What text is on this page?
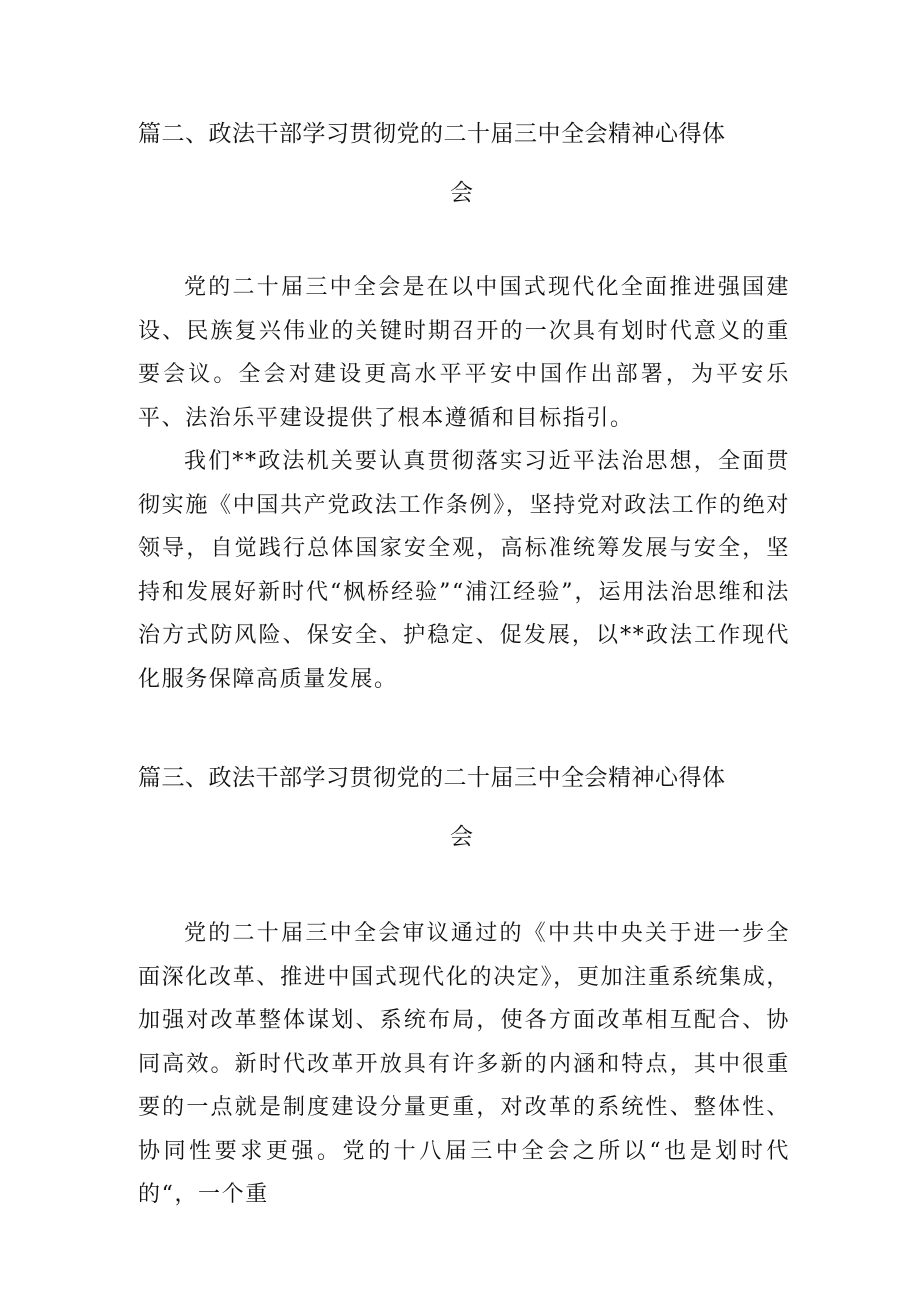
篇二、政法干部学习贯彻党的二十届三中全会精神心得体
会

党的二十届三中全会是在以中国式现代化全面推进强国建设、民族复兴伟业的关键时期召开的一次具有划时代意义的重要会议。全会对建设更高水平平安中国作出部署，为平安乐平、法治乐平建设提供了根本遵循和目标指引。

我们**政法机关要认真贯彻落实习近平法治思想，全面贯彻实施《中国共产党政法工作条例》，坚持党对政法工作的绝对领导，自觉践行总体国家安全观，高标准统筹发展与安全，坚持和发展好新时代“枫桥经验”“浦江经验”，运用法治思维和法治方式防风险、保安全、护稳定、促发展，以**政法工作现代化服务保障高质量发展。

篇三、政法干部学习贯彻党的二十届三中全会精神心得体
会

党的二十届三中全会审议通过的《中共中央关于进一步全面深化改革、推进中国式现代化的决定》，更加注重系统集成，加强对改革整体谋划、系统布局，使各方面改革相互配合、协同高效。新时代改革开放具有许多新的内涵和特点，其中很重要的一点就是制度建设分量更重，对改革的系统性、整体性、协同性要求更强。党的十八届三中全会之所以“也是划时代的“，一个重
